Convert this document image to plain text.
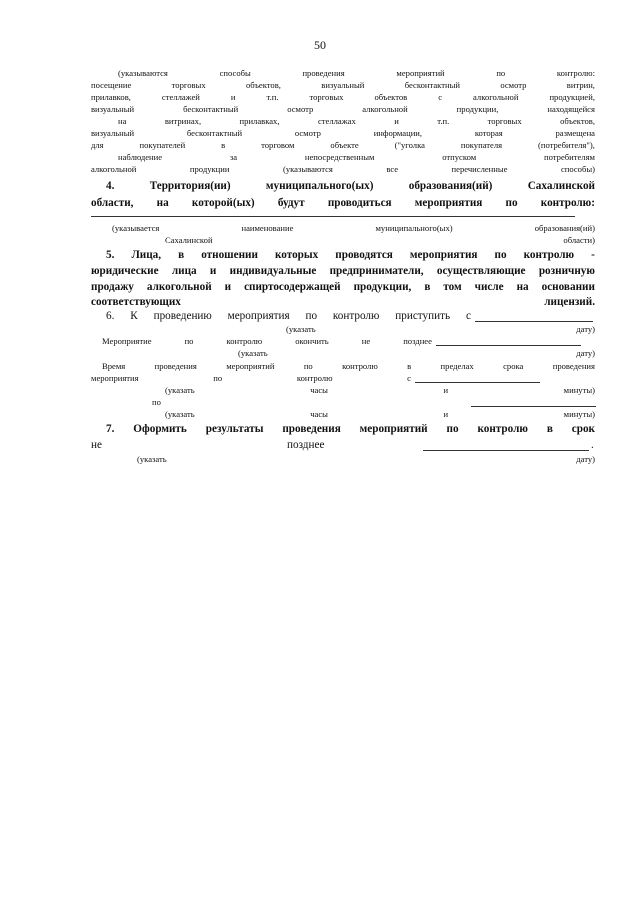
50
(указываются	способы	проведения	мероприятий	по	контролю:
посещение	торговых	объектов,	визуальный	бесконтактный	осмотр	витрин,
прилавков,	стеллажей	и	т.п.	торговых	объектов	с	алкогольной	продукцией,
визуальный	бесконтактный	осмотр	алкогольной	продукции,	находящейся
на	витринах,	прилавках,	стеллажах	и	т.п.	торговых	объектов,
визуальный	бесконтактный	осмотр	информации,	которая	размещена
для	покупателей	в	торговом	объекте	("уголка	покупателя	(потребителя"),
наблюдение	за	непосредственным	отпуском	потребителям
алкогольной	продукции	(указываются	все	перечисленные	способы)
4.	Территория(ии)	муниципального(ых)	образования(ий)	Сахалинской
области, на которой(ых) будут проводиться мероприятия по контролю:
(указывается	наименование	муниципального(ых)	образования(ий)
Сахалинской	области)
5. Лица, в отношении которых проводятся мероприятия по контролю -
юридические лица и индивидуальные предприниматели, осуществляющие розничную
продажу алкогольной и спиртосодержащей продукции, в том числе на основании
соответствующих	лицензий.
6. К проведению мероприятия по контролю приступить с
(указать	дату)
Мероприятие	по	контролю	окончить	не	позднее
(указать	дату)
Время	проведения	мероприятий	по	контролю	в	пределах	срока	проведения
мероприятия	по	контролю	с
(указать	часы	и	минуты)
по
(указать	часы	и	минуты)
7. Оформить результаты проведения мероприятий по контролю в срок
не	позднее	.
(указать	дату)
